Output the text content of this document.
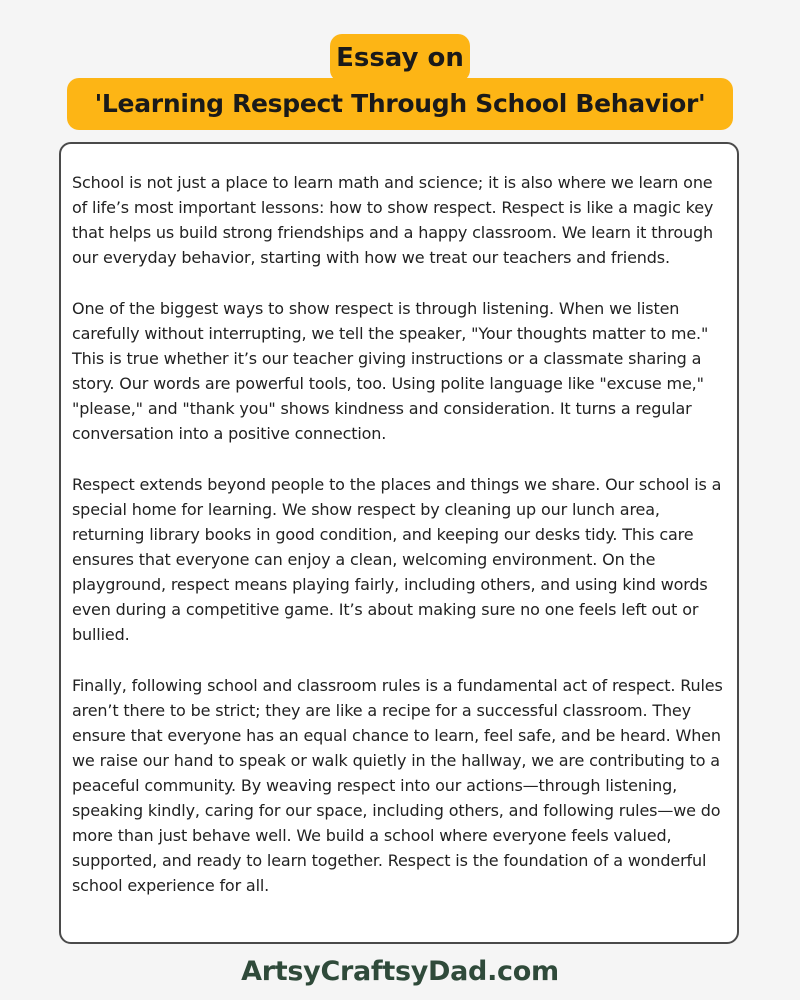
Essay on
'Learning Respect Through School Behavior'

School is not just a place to learn math and science; it is also where we learn one of life’s most important lessons: how to show respect. Respect is like a magic key that helps us build strong friendships and a happy classroom. We learn it through our everyday behavior, starting with how we treat our teachers and friends.

One of the biggest ways to show respect is through listening. When we listen carefully without interrupting, we tell the speaker, "Your thoughts matter to me." This is true whether it’s our teacher giving instructions or a classmate sharing a story. Our words are powerful tools, too. Using polite language like "excuse me," "please," and "thank you" shows kindness and consideration. It turns a regular conversation into a positive connection.

Respect extends beyond people to the places and things we share. Our school is a special home for learning. We show respect by cleaning up our lunch area, returning library books in good condition, and keeping our desks tidy. This care ensures that everyone can enjoy a clean, welcoming environment. On the playground, respect means playing fairly, including others, and using kind words even during a competitive game. It’s about making sure no one feels left out or bullied.

Finally, following school and classroom rules is a fundamental act of respect. Rules aren’t there to be strict; they are like a recipe for a successful classroom. They ensure that everyone has an equal chance to learn, feel safe, and be heard. When we raise our hand to speak or walk quietly in the hallway, we are contributing to a peaceful community. By weaving respect into our actions—through listening, speaking kindly, caring for our space, including others, and following rules—we do more than just behave well. We build a school where everyone feels valued, supported, and ready to learn together. Respect is the foundation of a wonderful school experience for all.

ArtsyCraftsyDad.com
